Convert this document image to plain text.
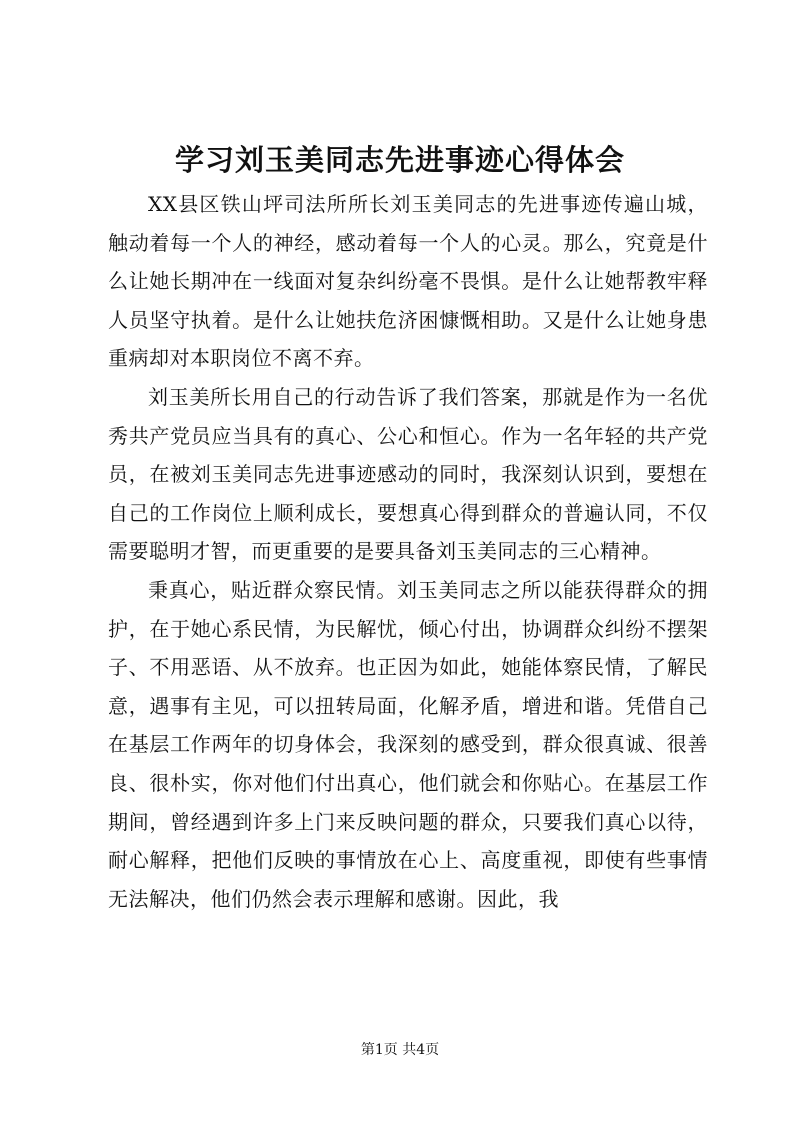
学习刘玉美同志先进事迹心得体会

XX县区铁山坪司法所所长刘玉美同志的先进事迹传遍山城，触动着每一个人的神经，感动着每一个人的心灵。那么，究竟是什么让她长期冲在一线面对复杂纠纷毫不畏惧。是什么让她帮教牢释人员坚守执着。是什么让她扶危济困慷慨相助。又是什么让她身患重病却对本职岗位不离不弃。

刘玉美所长用自己的行动告诉了我们答案，那就是作为一名优秀共产党员应当具有的真心、公心和恒心。作为一名年轻的共产党员，在被刘玉美同志先进事迹感动的同时，我深刻认识到，要想在自己的工作岗位上顺利成长，要想真心得到群众的普遍认同，不仅需要聪明才智，而更重要的是要具备刘玉美同志的三心精神。

秉真心，贴近群众察民情。刘玉美同志之所以能获得群众的拥护，在于她心系民情，为民解忧，倾心付出，协调群众纠纷不摆架子、不用恶语、从不放弃。也正因为如此，她能体察民情，了解民意，遇事有主见，可以扭转局面，化解矛盾，增进和谐。凭借自己在基层工作两年的切身体会，我深刻的感受到，群众很真诚、很善良、很朴实，你对他们付出真心，他们就会和你贴心。在基层工作期间，曾经遇到许多上门来反映问题的群众，只要我们真心以待，耐心解释，把他们反映的事情放在心上、高度重视，即使有些事情无法解决，他们仍然会表示理解和感谢。因此，我

第1页 共4页
